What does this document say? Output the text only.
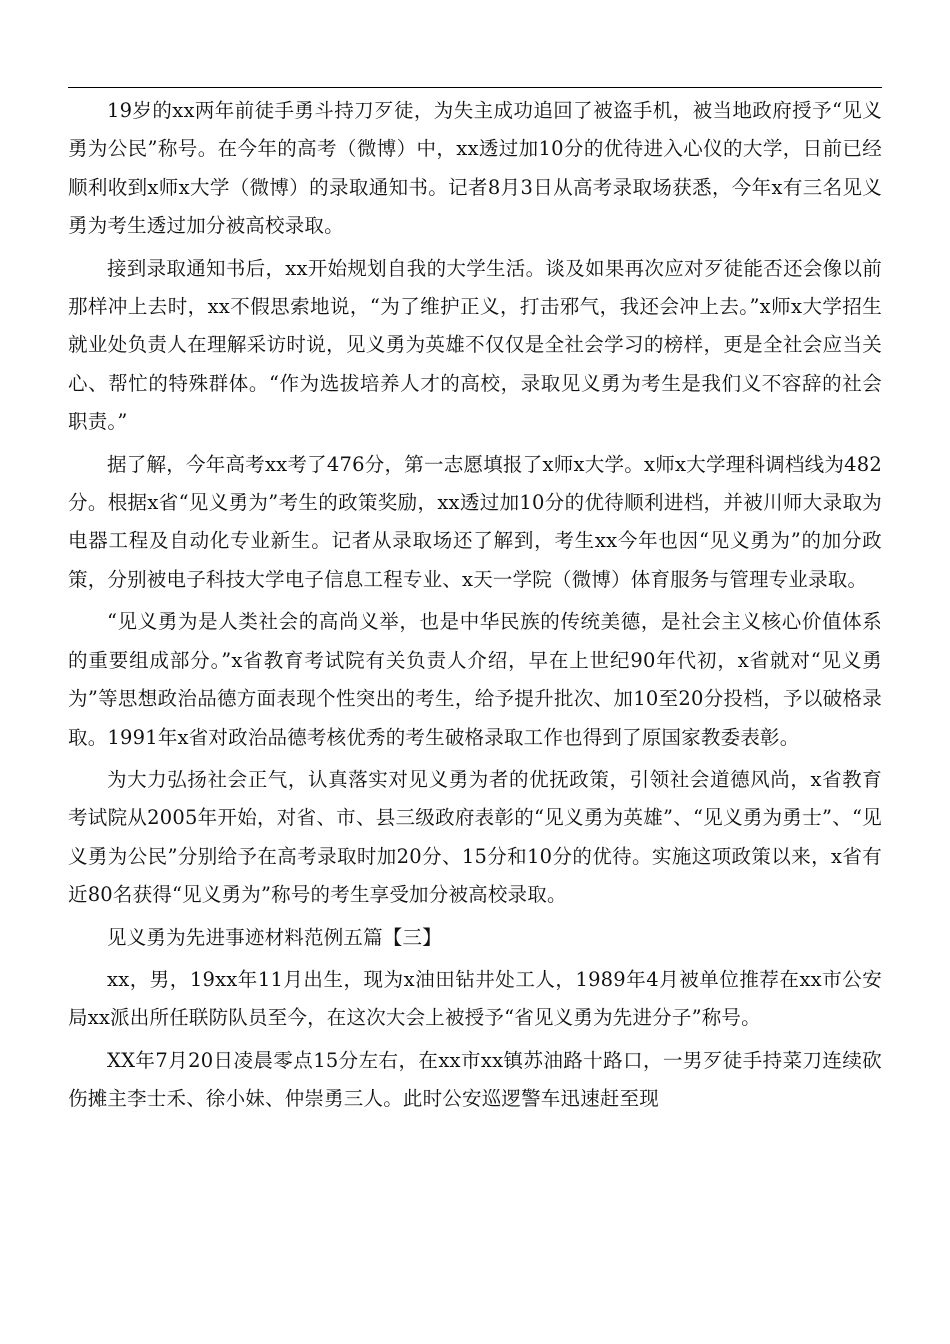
19岁的xx两年前徒手勇斗持刀歹徒，为失主成功追回了被盗手机，被当地政府授予“见义勇为公民”称号。在今年的高考（微博）中，xx透过加10分的优待进入心仪的大学，日前已经顺利收到x师x大学（微博）的录取通知书。记者8月3日从高考录取场获悉，今年x有三名见义勇为考生透过加分被高校录取。

接到录取通知书后，xx开始规划自我的大学生活。谈及如果再次应对歹徒能否还会像以前那样冲上去时，xx不假思索地说，“为了维护正义，打击邪气，我还会冲上去。”x师x大学招生就业处负责人在理解采访时说，见义勇为英雄不仅仅是全社会学习的榜样，更是全社会应当关心、帮忙的特殊群体。“作为选拔培养人才的高校，录取见义勇为考生是我们义不容辞的社会职责。”

据了解，今年高考xx考了476分，第一志愿填报了x师x大学。x师x大学理科调档线为482分。根据x省“见义勇为”考生的政策奖励，xx透过加10分的优待顺利进档，并被川师大录取为电器工程及自动化专业新生。记者从录取场还了解到，考生xx今年也因“见义勇为”的加分政策，分别被电子科技大学电子信息工程专业、x天一学院（微博）体育服务与管理专业录取。

“见义勇为是人类社会的高尚义举，也是中华民族的传统美德，是社会主义核心价值体系的重要组成部分。”x省教育考试院有关负责人介绍，早在上世纪90年代初，x省就对“见义勇为”等思想政治品德方面表现个性突出的考生，给予提升批次、加10至20分投档，予以破格录取。1991年x省对政治品德考核优秀的考生破格录取工作也得到了原国家教委表彰。

为大力弘扬社会正气，认真落实对见义勇为者的优抚政策，引领社会道德风尚，x省教育考试院从2005年开始，对省、市、县三级政府表彰的“见义勇为英雄”、“见义勇为勇士”、“见义勇为公民”分别给予在高考录取时加20分、15分和10分的优待。实施这项政策以来，x省有近80名获得“见义勇为”称号的考生享受加分被高校录取。

见义勇为先进事迹材料范例五篇【三】

xx，男，19xx年11月出生，现为x油田钻井处工人，1989年4月被单位推荐在xx市公安局xx派出所任联防队员至今，在这次大会上被授予“省见义勇为先进分子”称号。

XX年7月20日凌晨零点15分左右，在xx市xx镇苏油路十路口，一男歹徒手持菜刀连续砍伤摊主李士禾、徐小妹、仲崇勇三人。此时公安巡逻警车迅速赶至现
